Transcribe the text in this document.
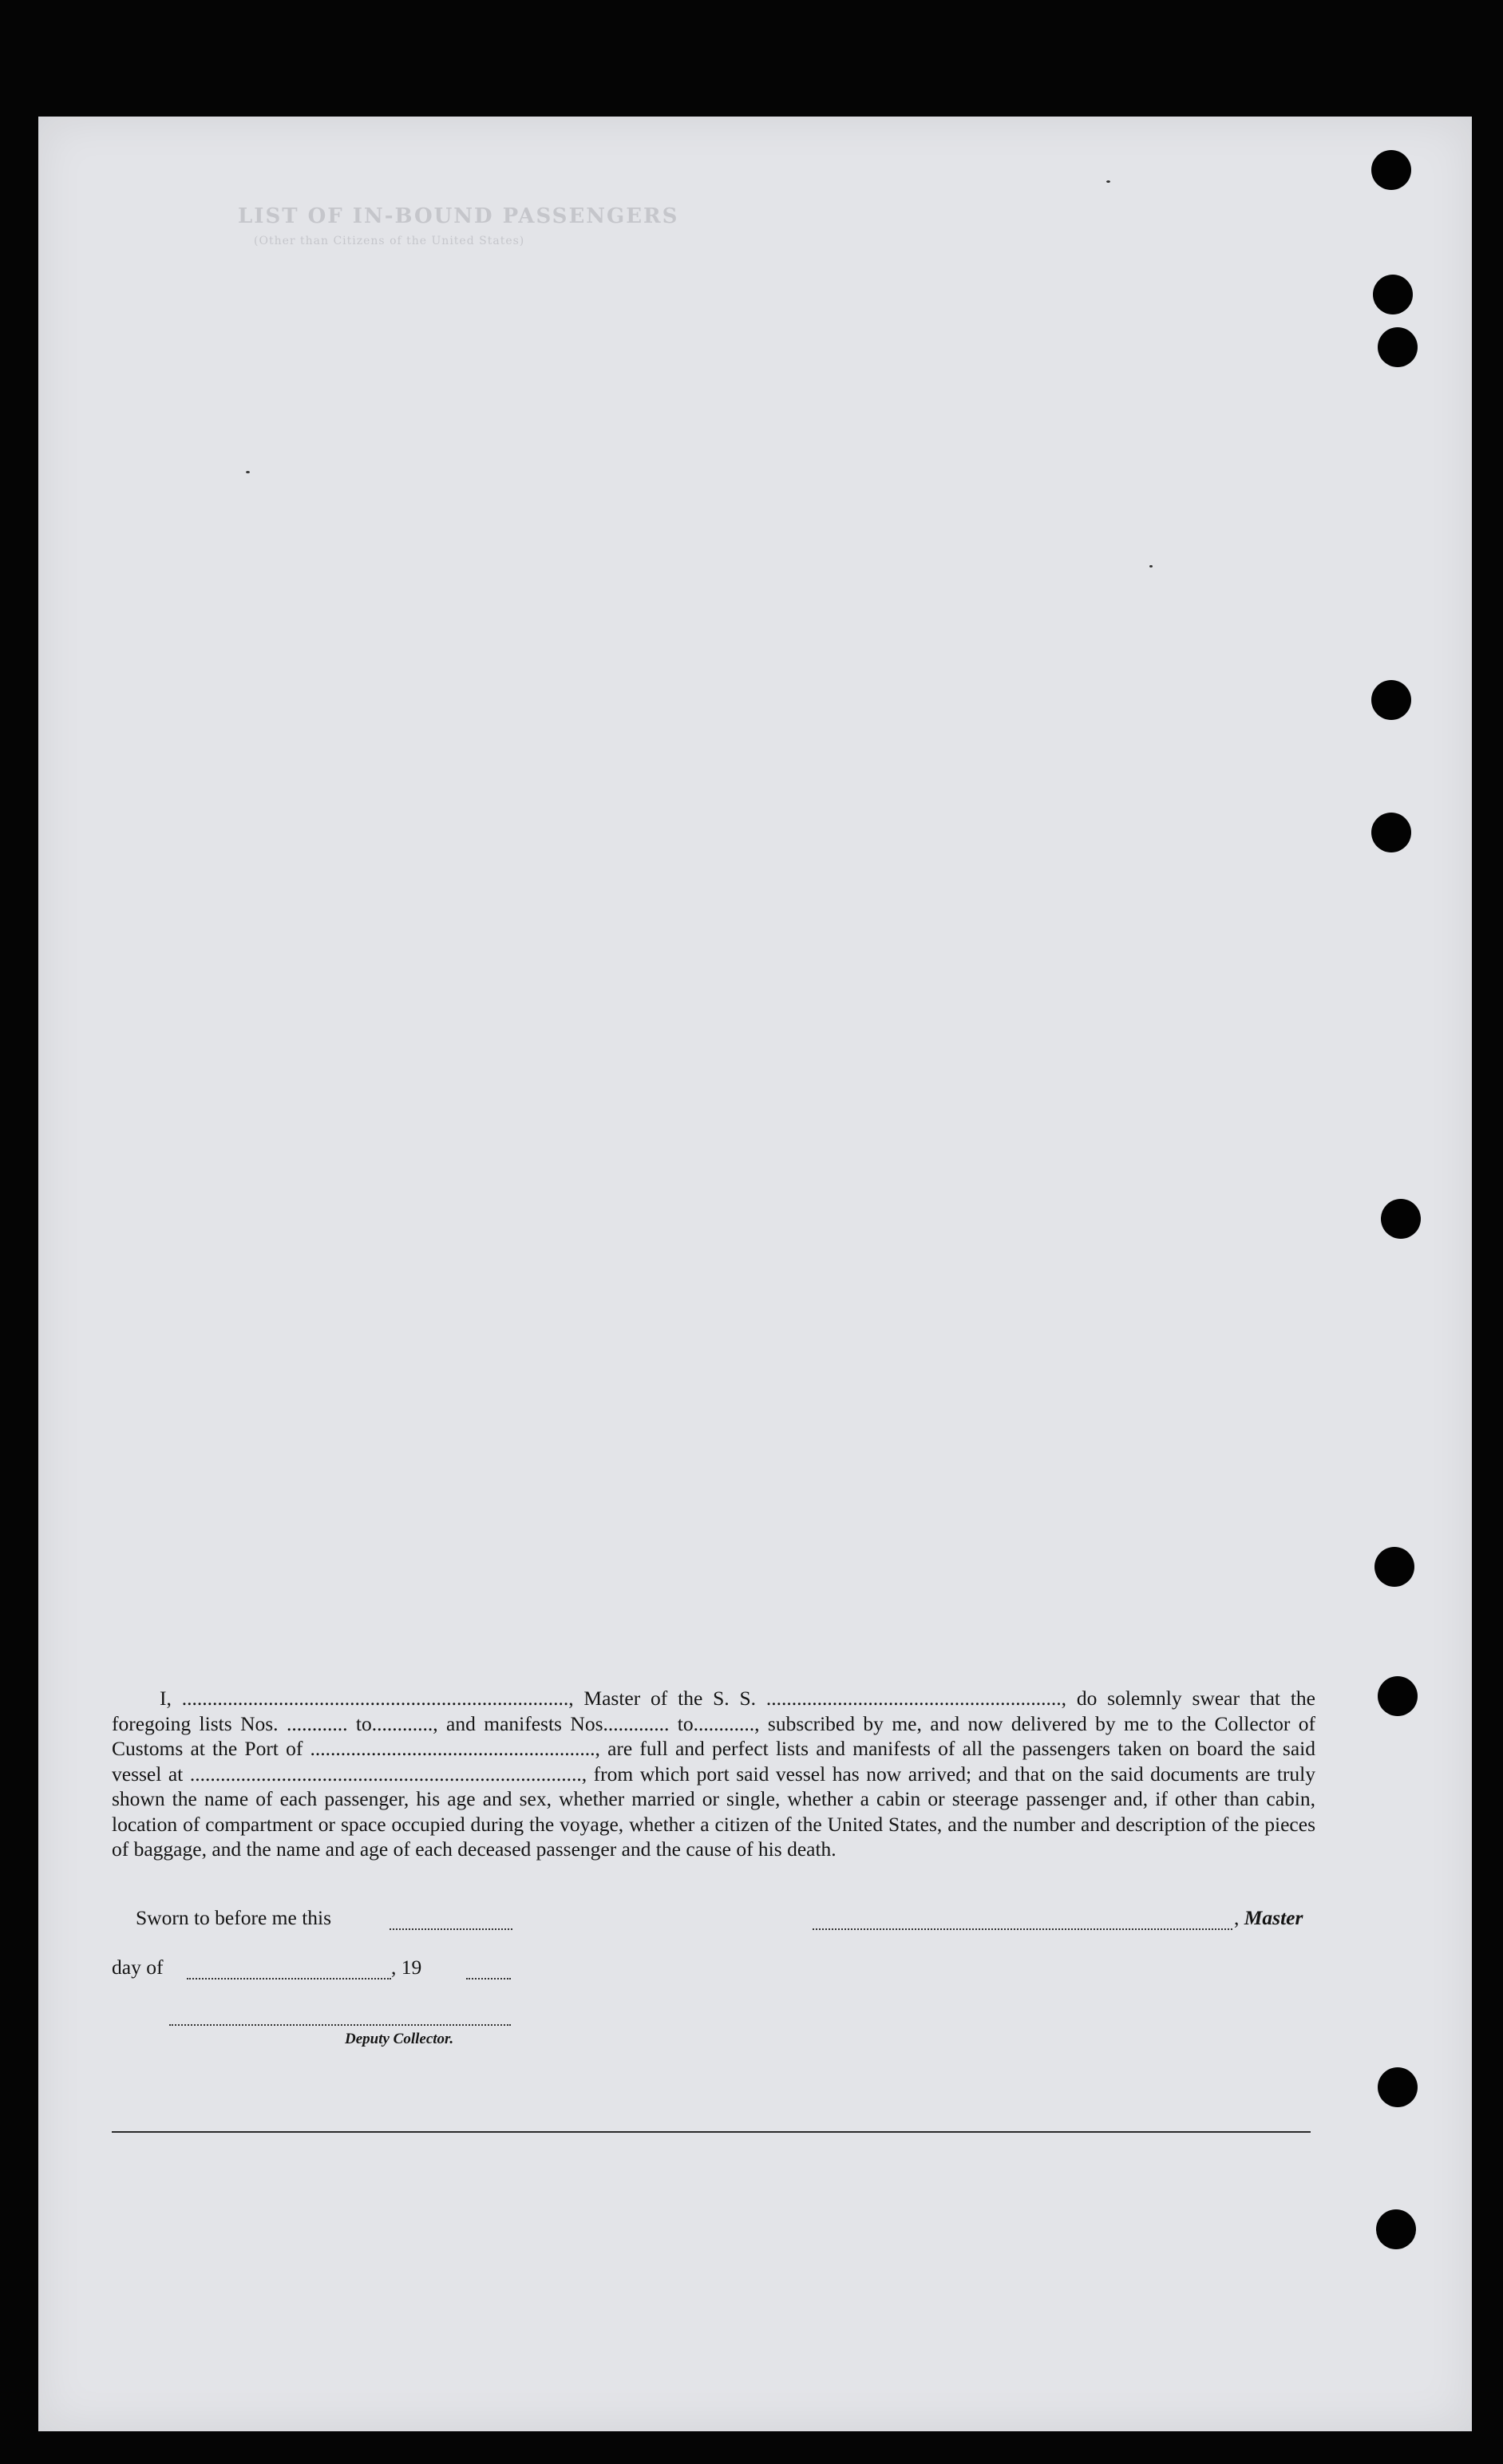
LIST OF IN-BOUND PASSENGERS
(Other than Citizens of the United States)

I, ............................................................................, Master of the S. S. .........................................................., do solemnly swear that the foregoing lists Nos. ............ to............, and manifests Nos............. to............, subscribed by me, and now delivered by me to the Collector of Customs at the Port of ........................................................, are full and perfect lists and manifests of all the passengers taken on board the said vessel at ............................................................................., from which port said vessel has now arrived; and that on the said documents are truly shown the name of each passenger, his age and sex, whether married or single, whether a cabin or steerage passenger and, if other than cabin, location of compartment or space occupied during the voyage, whether a citizen of the United States, and the number and description of the pieces of baggage, and the name and age of each deceased passenger and the cause of his death.

Sworn to before me this	, Master
day of	, 19
Deputy Collector.
